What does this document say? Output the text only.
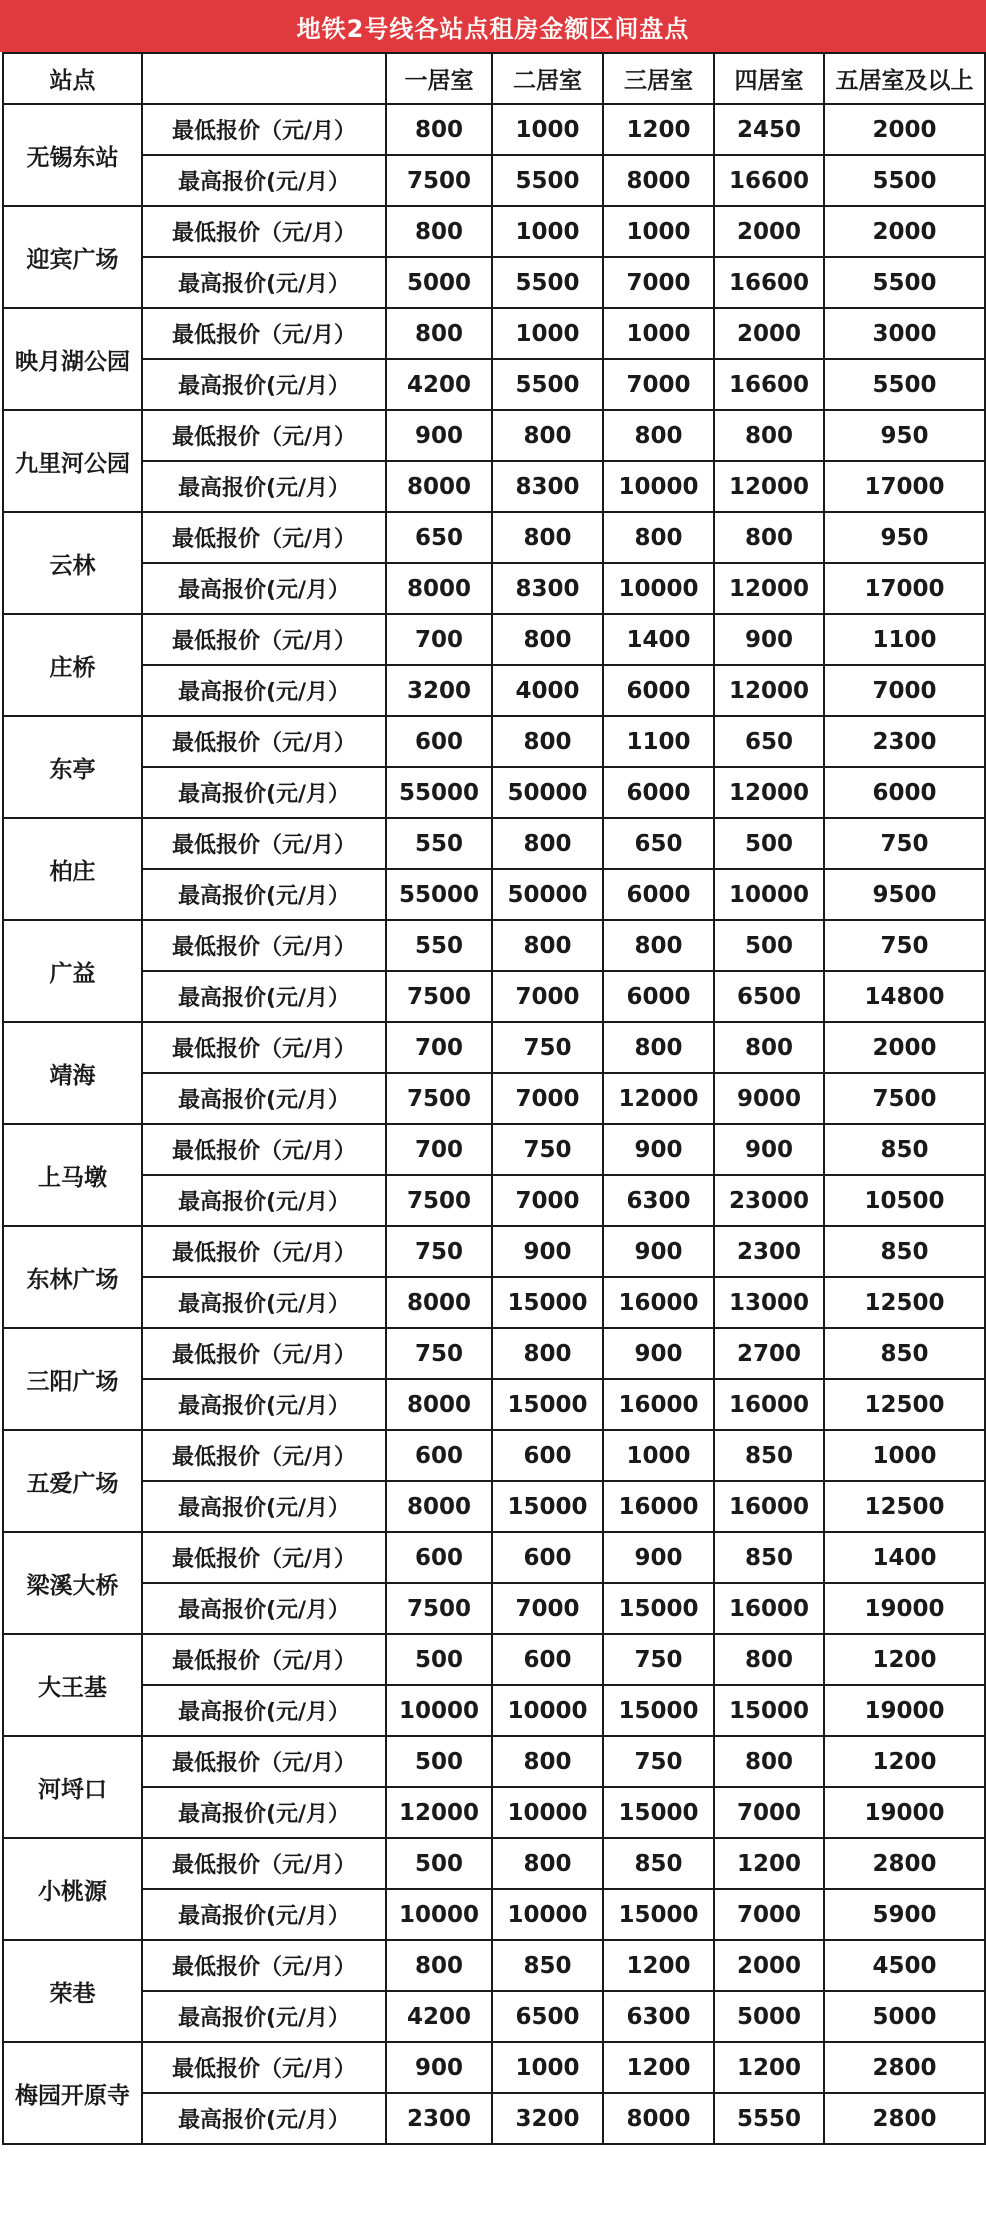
地铁2号线各站点租房金额区间盘点
站点		一居室	二居室	三居室	四居室	五居室及以上
无锡东站	最低报价（元/月）	800	1000	1200	2450	2000
	最高报价(元/月）	7500	5500	8000	16600	5500
迎宾广场	最低报价（元/月）	800	1000	1000	2000	2000
	最高报价(元/月）	5000	5500	7000	16600	5500
映月湖公园	最低报价（元/月）	800	1000	1000	2000	3000
	最高报价(元/月）	4200	5500	7000	16600	5500
九里河公园	最低报价（元/月）	900	800	800	800	950
	最高报价(元/月）	8000	8300	10000	12000	17000
云林	最低报价（元/月）	650	800	800	800	950
	最高报价(元/月）	8000	8300	10000	12000	17000
庄桥	最低报价（元/月）	700	800	1400	900	1100
	最高报价(元/月）	3200	4000	6000	12000	7000
东亭	最低报价（元/月）	600	800	1100	650	2300
	最高报价(元/月）	55000	50000	6000	12000	6000
柏庄	最低报价（元/月）	550	800	650	500	750
	最高报价(元/月）	55000	50000	6000	10000	9500
广益	最低报价（元/月）	550	800	800	500	750
	最高报价(元/月）	7500	7000	6000	6500	14800
靖海	最低报价（元/月）	700	750	800	800	2000
	最高报价(元/月）	7500	7000	12000	9000	7500
上马墩	最低报价（元/月）	700	750	900	900	850
	最高报价(元/月）	7500	7000	6300	23000	10500
东林广场	最低报价（元/月）	750	900	900	2300	850
	最高报价(元/月）	8000	15000	16000	13000	12500
三阳广场	最低报价（元/月）	750	800	900	2700	850
	最高报价(元/月）	8000	15000	16000	16000	12500
五爱广场	最低报价（元/月）	600	600	1000	850	1000
	最高报价(元/月）	8000	15000	16000	16000	12500
梁溪大桥	最低报价（元/月）	600	600	900	850	1400
	最高报价(元/月）	7500	7000	15000	16000	19000
大王基	最低报价（元/月）	500	600	750	800	1200
	最高报价(元/月）	10000	10000	15000	15000	19000
河埒口	最低报价（元/月）	500	800	750	800	1200
	最高报价(元/月）	12000	10000	15000	7000	19000
小桃源	最低报价（元/月）	500	800	850	1200	2800
	最高报价(元/月）	10000	10000	15000	7000	5900
荣巷	最低报价（元/月）	800	850	1200	2000	4500
	最高报价(元/月）	4200	6500	6300	5000	5000
梅园开原寺	最低报价（元/月）	900	1000	1200	1200	2800
	最高报价(元/月）	2300	3200	8000	5550	2800
